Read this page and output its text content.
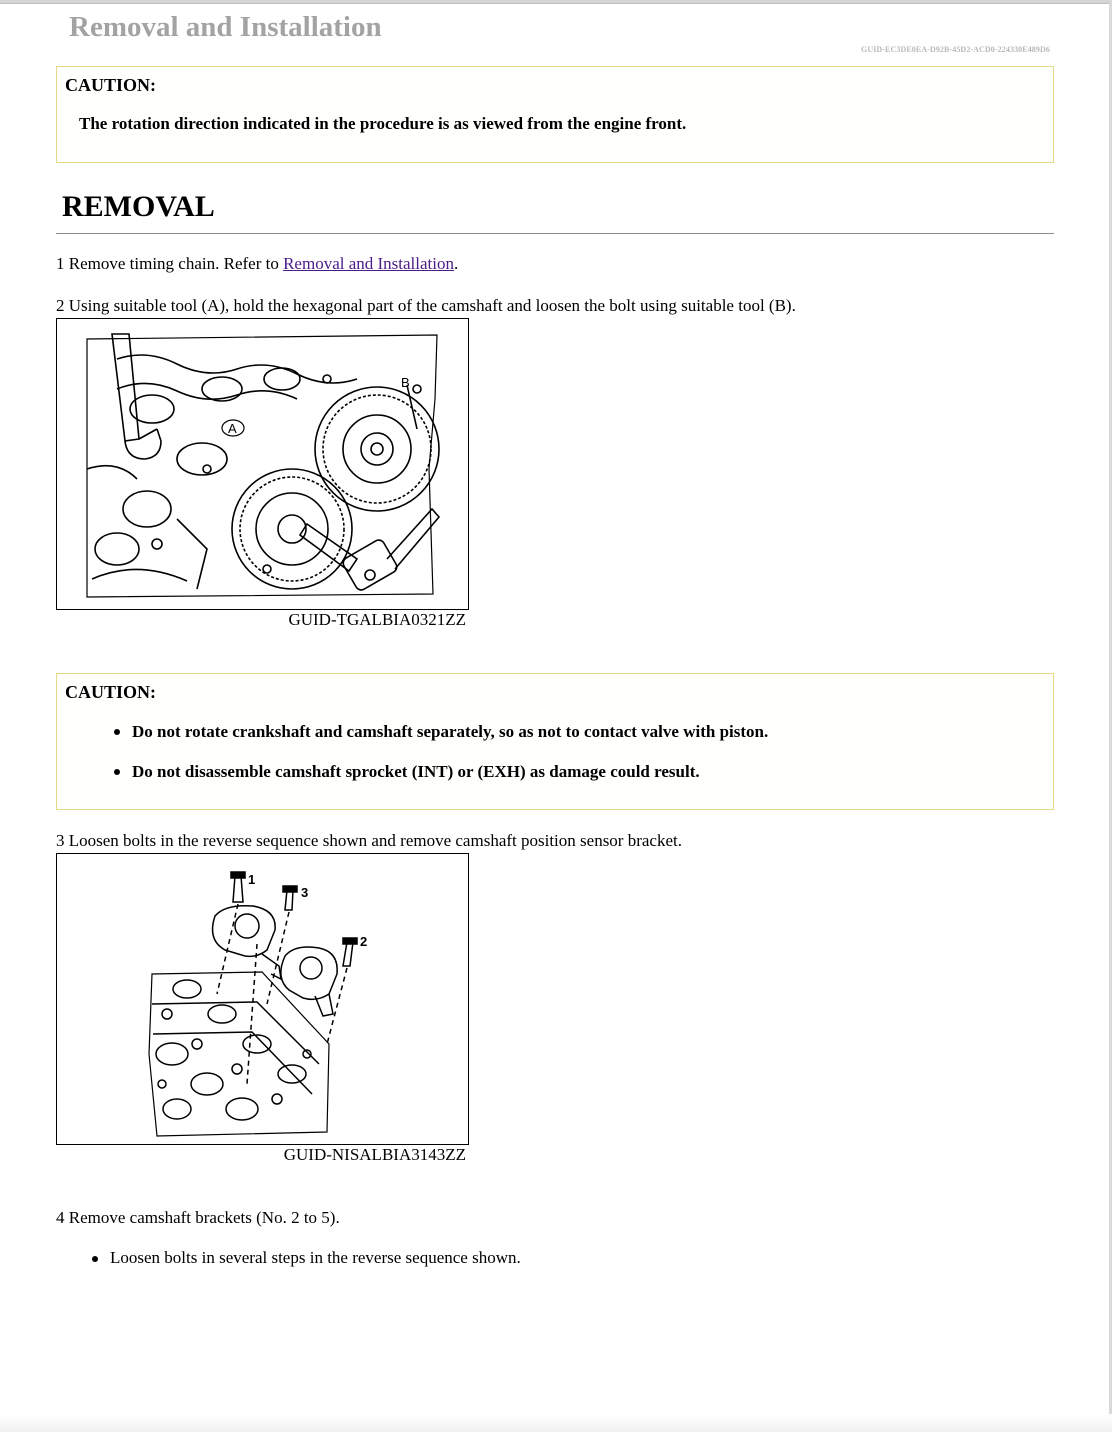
Removal and Installation
GUID-EC3DE0EA-D92B-45D2-ACD0-224330E489D6
CAUTION:
The rotation direction indicated in the procedure is as viewed from the engine front.
REMOVAL
1 Remove timing chain. Refer to Removal and Installation.
2 Using suitable tool (A), hold the hexagonal part of the camshaft and loosen the bolt using suitable tool (B).
A
B
GUID-TGALBIA0321ZZ
CAUTION:
Do not rotate crankshaft and camshaft separately, so as not to contact valve with piston.
Do not disassemble camshaft sprocket (INT) or (EXH) as damage could result.
3 Loosen bolts in the reverse sequence shown and remove camshaft position sensor bracket.
1
3
2
GUID-NISALBIA3143ZZ
4 Remove camshaft brackets (No. 2 to 5).
Loosen bolts in several steps in the reverse sequence shown.
